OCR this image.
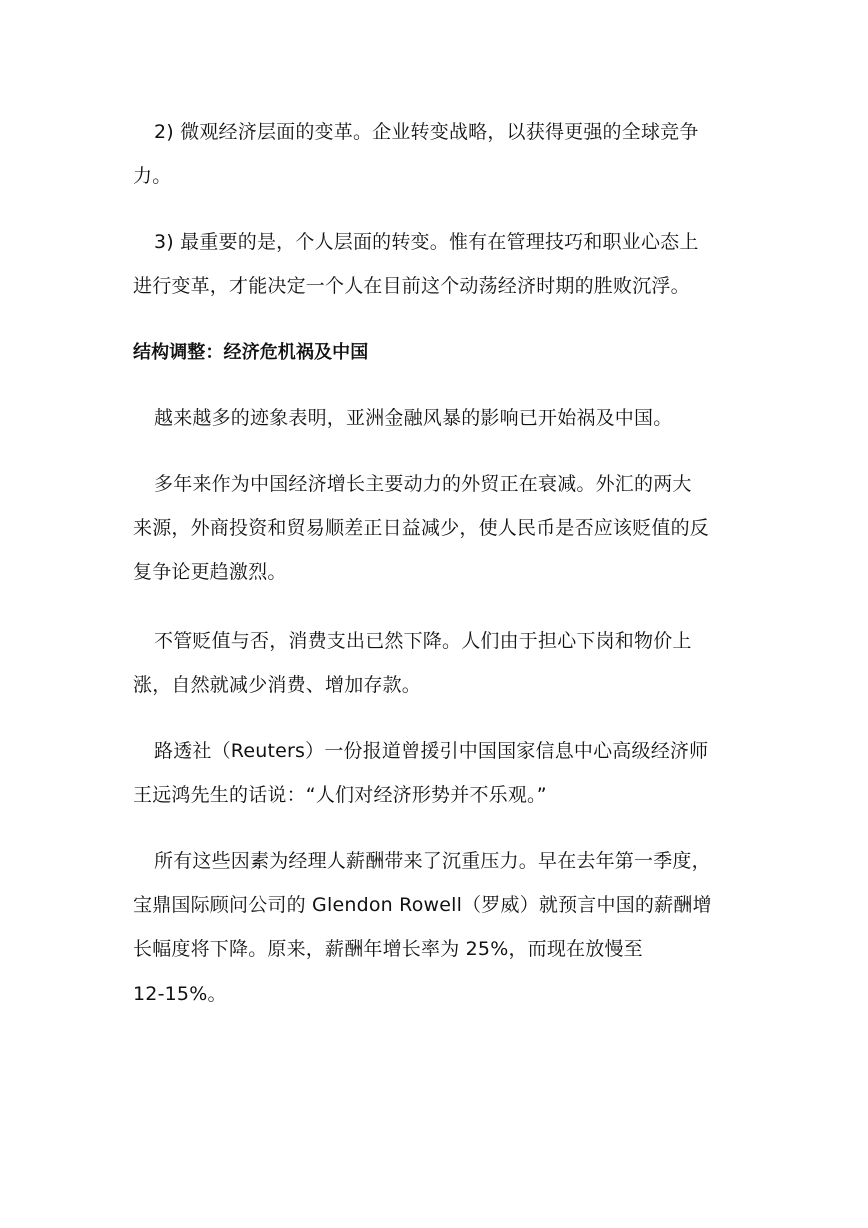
2) 微观经济层面的变革。企业转变战略，以获得更强的全球竞争
力。
3) 最重要的是，个人层面的转变。惟有在管理技巧和职业心态上
进行变革，才能决定一个人在目前这个动荡经济时期的胜败沉浮。
结构调整：经济危机祸及中国
越来越多的迹象表明，亚洲金融风暴的影响已开始祸及中国。
多年来作为中国经济增长主要动力的外贸正在衰减。外汇的两大
来源，外商投资和贸易顺差正日益减少，使人民币是否应该贬值的反
复争论更趋激烈。
不管贬值与否，消费支出已然下降。人们由于担心下岗和物价上
涨，自然就减少消费、增加存款。
路透社（Reuters）一份报道曾援引中国国家信息中心高级经济师
王远鸿先生的话说：“人们对经济形势并不乐观。”
所有这些因素为经理人薪酬带来了沉重压力。早在去年第一季度，
宝鼎国际顾问公司的 Glendon Rowell（罗威）就预言中国的薪酬增
长幅度将下降。原来，薪酬年增长率为 25%，而现在放慢至
12-15%。
